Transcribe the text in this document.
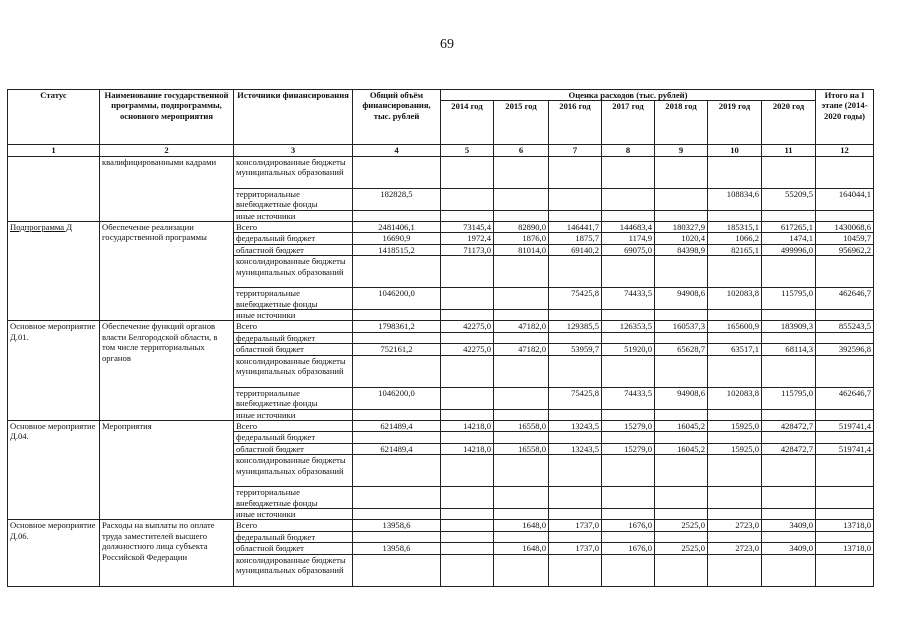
69
Статус	Наименование государственной программы, подпрограммы, основного мероприятия	Источники финансирования	Общий объём финансирования, тыс. рублей	Оценка расходов (тыс. рублей)							Итого на I этапе (2014-2020 годы)
				2014 год	2015 год	2016 год	2017 год	2018 год	2019 год	2020 год	
1	2	3	4	5	6	7	8	9	10	11	12
	квалифицированными кадрами	консолидированные бюджеты муниципальных образований									
		территориальные внебюджетные фонды	182828,5						108834,6	55209,5	164044,1
		иные источники									
Подпрограмма Д	Обеспечение реализации государственной программы	Всего	2481406,1	73145,4	82890,0	146441,7	144683,4	180327,9	185315,1	617265,1	1430068,6
		федеральный бюджет	16690,9	1972,4	1876,0	1875,7	1174,9	1020,4	1066,2	1474,1	10459,7
		областной бюджет	1418515,2	71173,0	81014,0	69140,2	69075,0	84398,9	82165,1	499996,0	956962,2
		консолидированные бюджеты муниципальных образований									
		территориальные внебюджетные фонды	1046200,0			75425,8	74433,5	94908,6	102083,8	115795,0	462646,7
		иные источники									
Основное мероприятие Д.01.	Обеспечение функций органов власти Белгородской области, в том числе территориальных органов	Всего	1798361,2	42275,0	47182,0	129385,5	126353,5	160537,3	165600,9	183909,3	855243,5
		федеральный бюджет									
		областной бюджет	752161,2	42275,0	47182,0	53959,7	51920,0	65628,7	63517,1	68114,3	392596,8
		консолидированные бюджеты муниципальных образований									
		территориальные внебюджетные фонды	1046200,0			75425,8	74433,5	94908,6	102083,8	115795,0	462646,7
		иные источники									
Основное мероприятие Д.04.	Мероприятия	Всего	621489,4	14218,0	16558,0	13243,5	15279,0	16045,2	15925,0	428472,7	519741,4
		федеральный бюджет									
		областной бюджет	621489,4	14218,0	16558,0	13243,5	15279,0	16045,2	15925,0	428472,7	519741,4
		консолидированные бюджеты муниципальных образований									
		территориальные внебюджетные фонды									
		иные источники									
Основное мероприятие Д.06.	Расходы на выплаты по оплате труда заместителей высшего должностного лица субъекта Российской Федерации	Всего	13958,6		1648,0	1737,0	1676,0	2525,0	2723,0	3409,0	13718,0
		федеральный бюджет									
		областной бюджет	13958,6		1648,0	1737,0	1676,0	2525,0	2723,0	3409,0	13718,0
		консолидированные бюджеты муниципальных образований									
